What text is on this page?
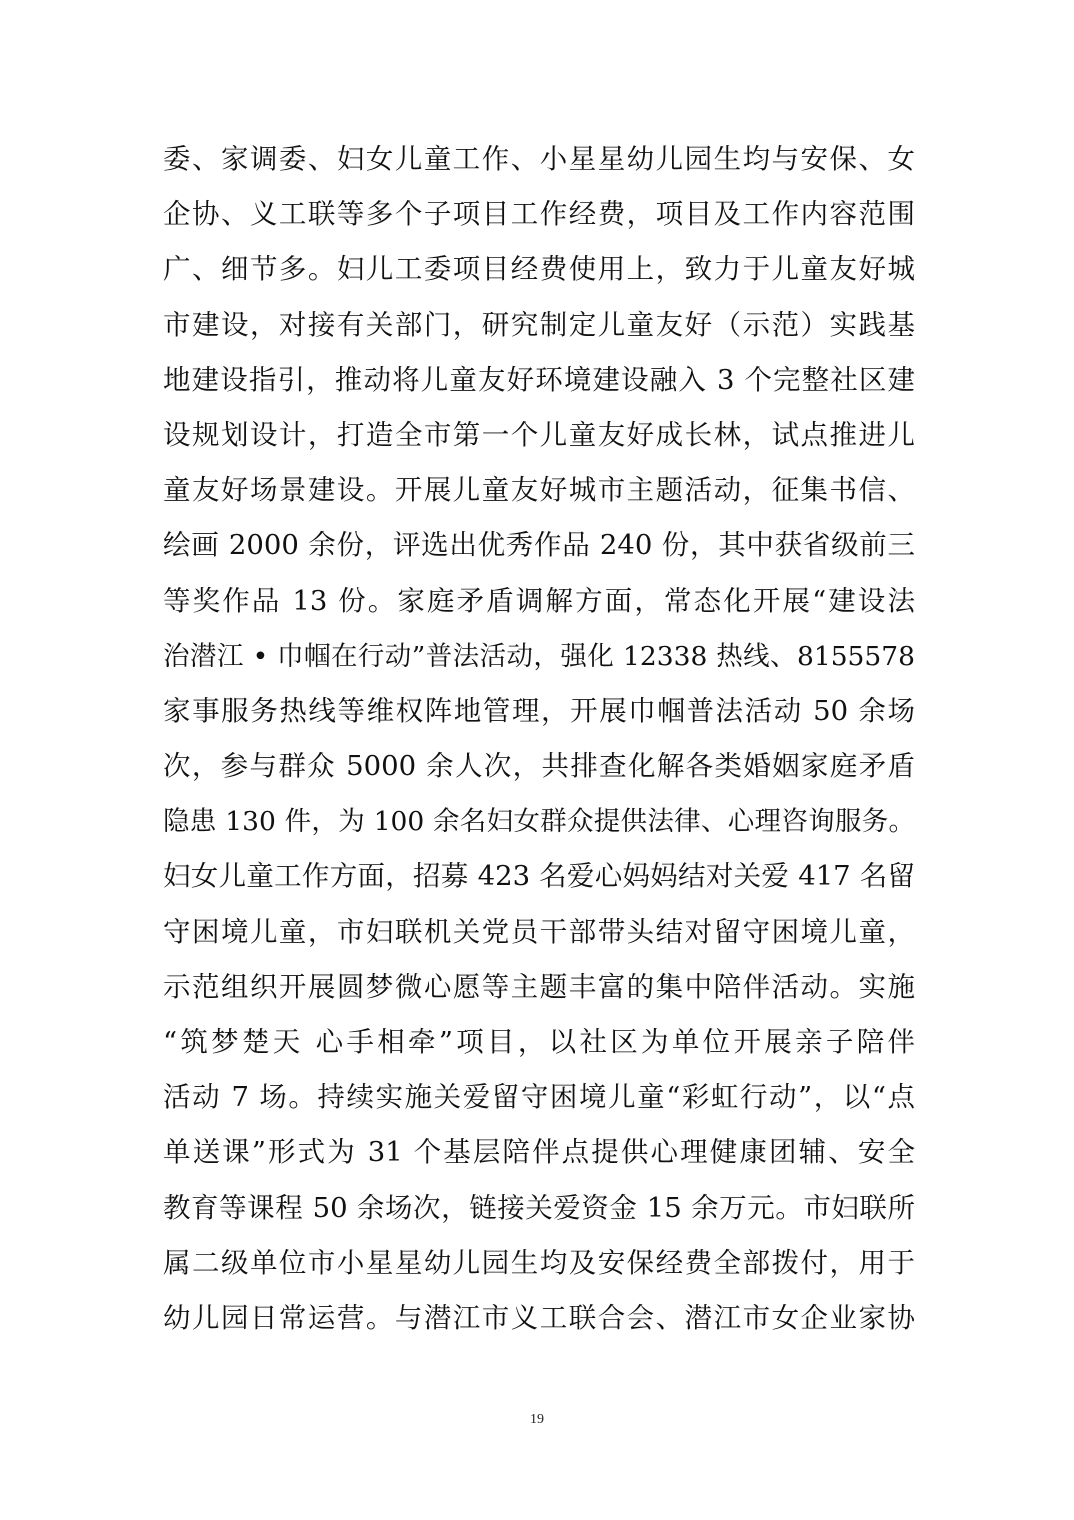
委、家调委、妇女儿童工作、小星星幼儿园生均与安保、女
企协、义工联等多个子项目工作经费，项目及工作内容范围
广、细节多。妇儿工委项目经费使用上，致力于儿童友好城
市建设，对接有关部门，研究制定儿童友好（示范）实践基
地建设指引，推动将儿童友好环境建设融入 3 个完整社区建
设规划设计，打造全市第一个儿童友好成长林，试点推进儿
童友好场景建设。开展儿童友好城市主题活动，征集书信、
绘画 2000 余份，评选出优秀作品 240 份，其中获省级前三
等奖作品 13 份。家庭矛盾调解方面，常态化开展“建设法
治潜江 • 巾帼在行动”普法活动，强化 12338 热线、8155578
家事服务热线等维权阵地管理，开展巾帼普法活动 50 余场
次，参与群众 5000 余人次，共排查化解各类婚姻家庭矛盾
隐患 130 件，为 100 余名妇女群众提供法律、心理咨询服务。
妇女儿童工作方面，招募 423 名爱心妈妈结对关爱 417 名留
守困境儿童，市妇联机关党员干部带头结对留守困境儿童，
示范组织开展圆梦微心愿等主题丰富的集中陪伴活动。实施
“筑梦楚天 心手相牵”项目，以社区为单位开展亲子陪伴
活动 7 场。持续实施关爱留守困境儿童“彩虹行动”，以“点
单送课”形式为 31 个基层陪伴点提供心理健康团辅、安全
教育等课程 50 余场次，链接关爱资金 15 余万元。市妇联所
属二级单位市小星星幼儿园生均及安保经费全部拨付，用于
幼儿园日常运营。与潜江市义工联合会、潜江市女企业家协
19
